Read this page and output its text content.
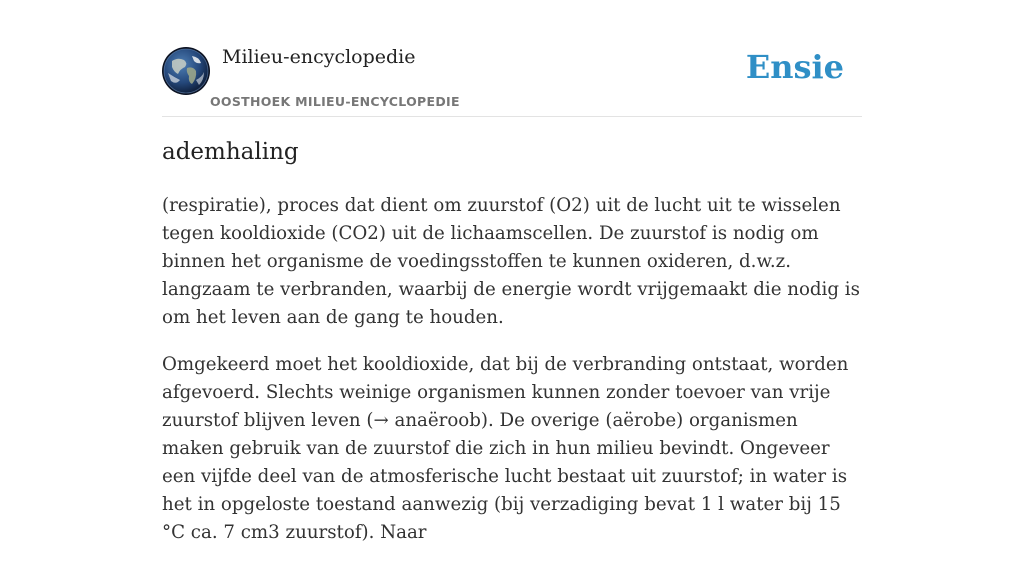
Milieu-encyclopedie
OOSTHOEK MILIEU-ENCYCLOPEDIE
Ensie
ademhaling

(respiratie), proces dat dient om zuurstof (O2) uit de lucht uit te wisselen tegen kooldioxide (CO2) uit de lichaamscellen. De zuurstof is nodig om binnen het organisme de voedingsstoffen te kunnen oxideren, d.w.z. langzaam te verbranden, waarbij de energie wordt vrijgemaakt die nodig is om het leven aan de gang te houden.

Omgekeerd moet het kooldioxide, dat bij de verbranding ontstaat, worden afgevoerd. Slechts weinige organismen kunnen zonder toevoer van vrije zuurstof blijven leven (→ anaëroob). De overige (aërobe) organismen maken gebruik van de zuurstof die zich in hun milieu bevindt. Ongeveer een vijfde deel van de atmosferische lucht bestaat uit zuurstof; in water is het in opgeloste toestand aanwezig (bij verzadiging bevat 1 l water bij 15 °C ca. 7 cm3 zuurstof). Naar
